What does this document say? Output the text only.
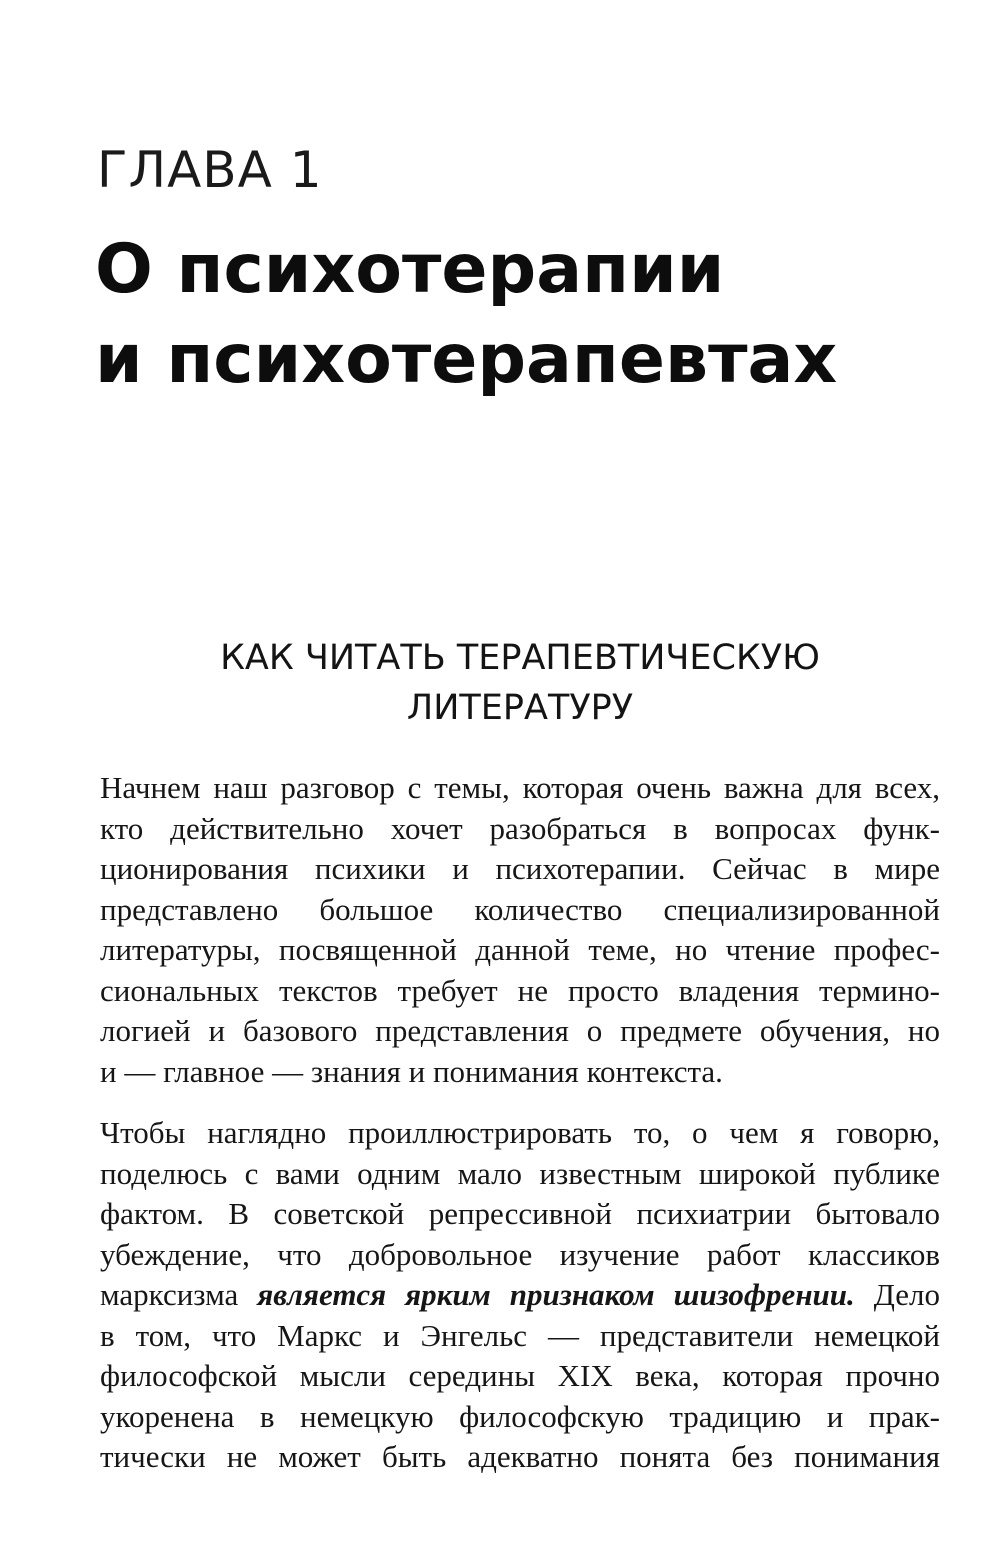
ГЛАВА 1
О психотерапии
и психотерапевтах
КАК ЧИТАТЬ ТЕРАПЕВТИЧЕСКУЮ
ЛИТЕРАТУРУ
Начнем наш разговор с темы, которая очень важна для всех,
кто действительно хочет разобраться в вопросах функ-
ционирования психики и психотерапии. Сейчас в мире
представлено большое количество специализированной
литературы, посвященной данной теме, но чтение профес-
сиональных текстов требует не просто владения термино-
логией и базового представления о предмете обучения, но
и — главное — знания и понимания контекста.
Чтобы наглядно проиллюстрировать то, о чем я говорю,
поделюсь с вами одним мало известным широкой публике
фактом. В советской репрессивной психиатрии бытовало
убеждение, что добровольное изучение работ классиков
марксизма является ярким признаком шизофрении. Дело
в том, что Маркс и Энгельс — представители немецкой
философской мысли середины XIX века, которая прочно
укоренена в немецкую философскую традицию и прак-
тически не может быть адекватно понята без понимания
